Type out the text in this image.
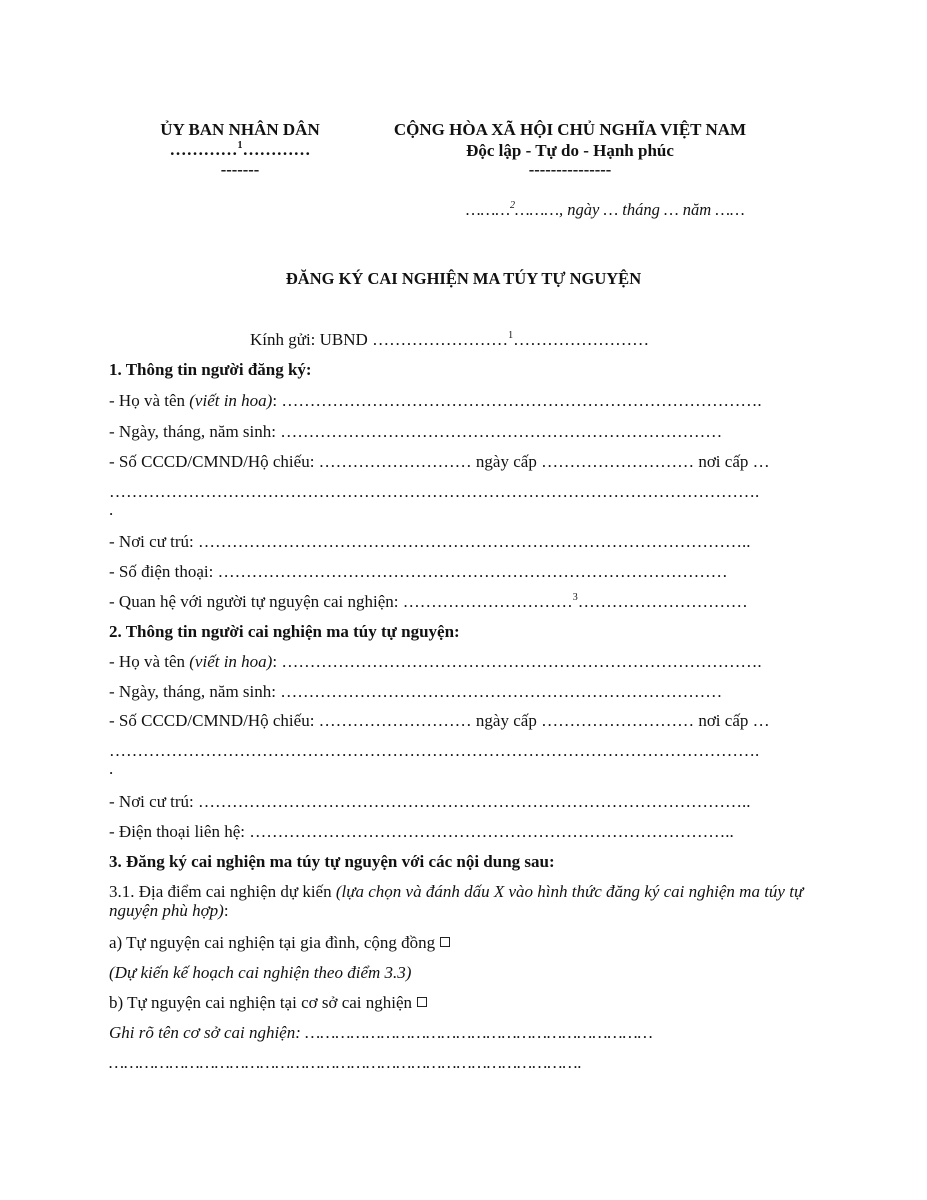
ỦY BAN NHÂN DÂN
…………$^1$…………
-------
CỘNG HÒA XÃ HỘI CHỦ NGHĨA VIỆT NAM
Độc lập - Tự do - Hạnh phúc
---------------
………$^2$………, ngày … tháng … năm ……
ĐĂNG KÝ CAI NGHIỆN MA TÚY TỰ NGUYỆN
Kính gửi: UBND ……………………$^1$……………………
1. Thông tin người đăng ký:
- Họ và tên (viết in hoa): ………………………………………………………………………….
- Ngày, tháng, năm sinh: ……………………………………………………………………
- Số CCCD/CMND/Hộ chiếu: ……………………… ngày cấp ……………………… nơi cấp …
…………………………………………………………………………………………………….
.
- Nơi cư trú: ……………………………………………………………………………………..
- Số điện thoại: ………………………………………………………………………………
- Quan hệ với người tự nguyện cai nghiện: …………………………$^3$…………………………
2. Thông tin người cai nghiện ma túy tự nguyện:
- Họ và tên (viết in hoa): ………………………………………………………………………….
- Ngày, tháng, năm sinh: ……………………………………………………………………
- Số CCCD/CMND/Hộ chiếu: ……………………… ngày cấp ……………………… nơi cấp …
…………………………………………………………………………………………………….
.
- Nơi cư trú: ……………………………………………………………………………………..
- Điện thoại liên hệ: …………………………………………………………………………..
3. Đăng ký cai nghiện ma túy tự nguyện với các nội dung sau:
3.1. Địa điểm cai nghiện dự kiến (lựa chọn và đánh dấu X vào hình thức đăng ký cai nghiện ma túy tự nguyện phù hợp):
a) Tự nguyện cai nghiện tại gia đình, cộng đồng
(Dự kiến kế hoạch cai nghiện theo điểm 3.3)
b) Tự nguyện cai nghiện tại cơ sở cai nghiện
Ghi rõ tên cơ sở cai nghiện: ……………………………………………………………
………………………………………………………………………………….
